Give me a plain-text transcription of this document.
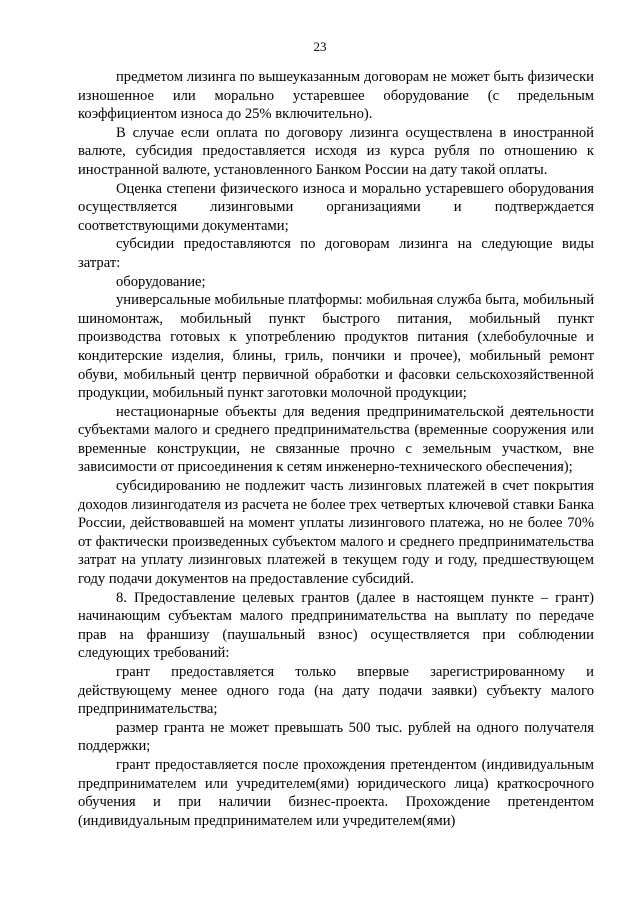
23

предметом лизинга по вышеуказанным договорам не может быть физически изношенное или морально устаревшее оборудование (с предельным коэффициентом износа до 25% включительно).

В случае если оплата по договору лизинга осуществлена в иностранной валюте, субсидия предоставляется исходя из курса рубля по отношению к иностранной валюте, установленного Банком России на дату такой оплаты.

Оценка степени физического износа и морально устаревшего оборудования осуществляется лизинговыми организациями и подтверждается соответствующими документами;

субсидии предоставляются по договорам лизинга на следующие виды затрат:

оборудование;

универсальные мобильные платформы: мобильная служба быта, мобильный шиномонтаж, мобильный пункт быстрого питания, мобильный пункт производства готовых к употреблению продуктов питания (хлебобулочные и кондитерские изделия, блины, гриль, пончики и прочее), мобильный ремонт обуви, мобильный центр первичной обработки и фасовки сельскохозяйственной продукции, мобильный пункт заготовки молочной продукции;

нестационарные объекты для ведения предпринимательской деятельности субъектами малого и среднего предпринимательства (временные сооружения или временные конструкции, не связанные прочно с земельным участком, вне зависимости от присоединения к сетям инженерно-технического обеспечения);

субсидированию не подлежит часть лизинговых платежей в счет покрытия доходов лизингодателя из расчета не более трех четвертых ключевой ставки Банка России, действовавшей на момент уплаты лизингового платежа, но не более 70% от фактически произведенных субъектом малого и среднего предпринимательства затрат на уплату лизинговых платежей в текущем году и году, предшествующем году подачи документов на предоставление субсидий.

8. Предоставление целевых грантов (далее в настоящем пункте – грант) начинающим субъектам малого предпринимательства на выплату по передаче прав на франшизу (паушальный взнос) осуществляется при соблюдении следующих требований:

грант предоставляется только впервые зарегистрированному и действующему менее одного года (на дату подачи заявки) субъекту малого предпринимательства;

размер гранта не может превышать 500 тыс. рублей на одного получателя поддержки;

грант предоставляется после прохождения претендентом (индивидуальным предпринимателем или учредителем(ями) юридического лица) краткосрочного обучения и при наличии бизнес-проекта. Прохождение претендентом (индивидуальным предпринимателем или учредителем(ями)
